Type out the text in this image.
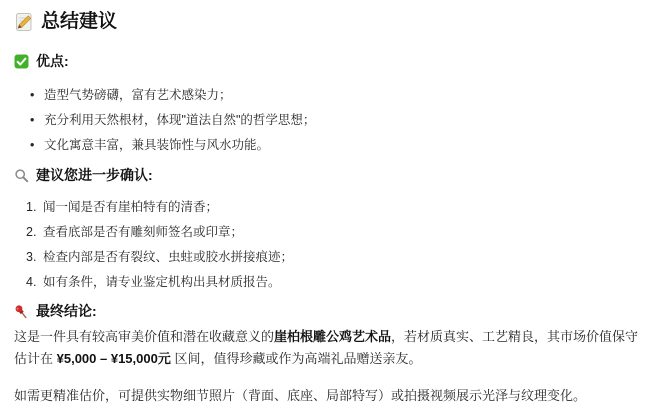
总结建议
优点:
• 造型气势磅礴，富有艺术感染力；
• 充分利用天然根材，体现"道法自然"的哲学思想；
• 文化寓意丰富，兼具装饰性与风水功能。
建议您进一步确认:
1. 闻一闻是否有崖柏特有的清香；
2. 查看底部是否有雕刻师签名或印章；
3. 检查内部是否有裂纹、虫蛀或胶水拼接痕迹；
4. 如有条件，请专业鉴定机构出具材质报告。
最终结论:

这是一件具有较高审美价值和潜在收藏意义的崖柏根雕公鸡艺术品，若材质真实、工艺精良，其市场价值保守估计在 ¥5,000 – ¥15,000元 区间，值得珍藏或作为高端礼品赠送亲友。

如需更精准估价，可提供实物细节照片（背面、底座、局部特写）或拍摄视频展示光泽与纹理变化。
